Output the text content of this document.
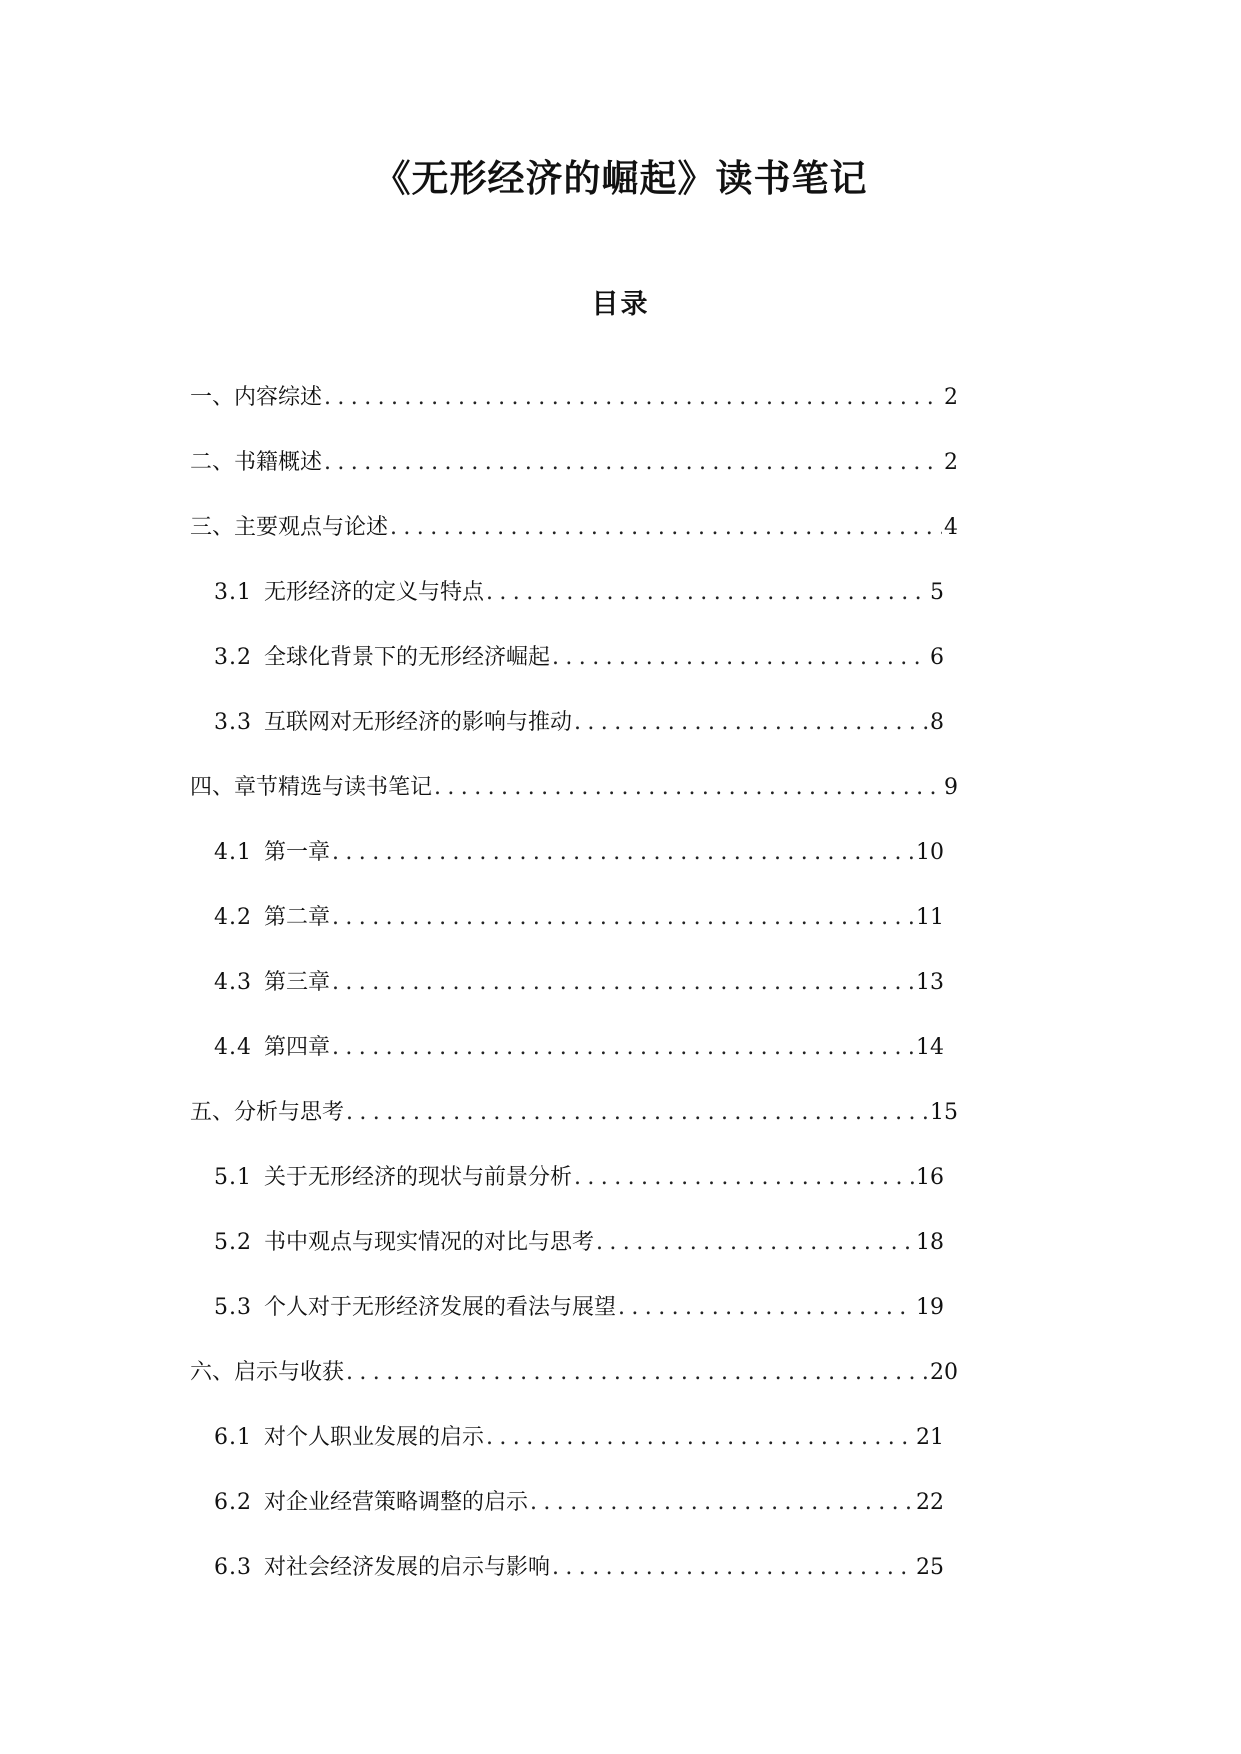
《无形经济的崛起》读书笔记
目录
一、内容综述 .....	2
二、书籍概述 .....	2
三、主要观点与论述 .....	4
3.1 无形经济的定义与特点 .....	5
3.2 全球化背景下的无形经济崛起 .....	6
3.3 互联网对无形经济的影响与推动 .....	8
四、章节精选与读书笔记 .....	9
4.1 第一章 .....	10
4.2 第二章 .....	11
4.3 第三章 .....	13
4.4 第四章 .....	14
五、分析与思考 .....	15
5.1 关于无形经济的现状与前景分析 .....	16
5.2 书中观点与现实情况的对比与思考 .....	18
5.3 个人对于无形经济发展的看法与展望 .....	19
六、启示与收获 .....	20
6.1 对个人职业发展的启示 .....	21
6.2 对企业经营策略调整的启示 .....	22
6.3 对社会经济发展的启示与影响 .....	25
